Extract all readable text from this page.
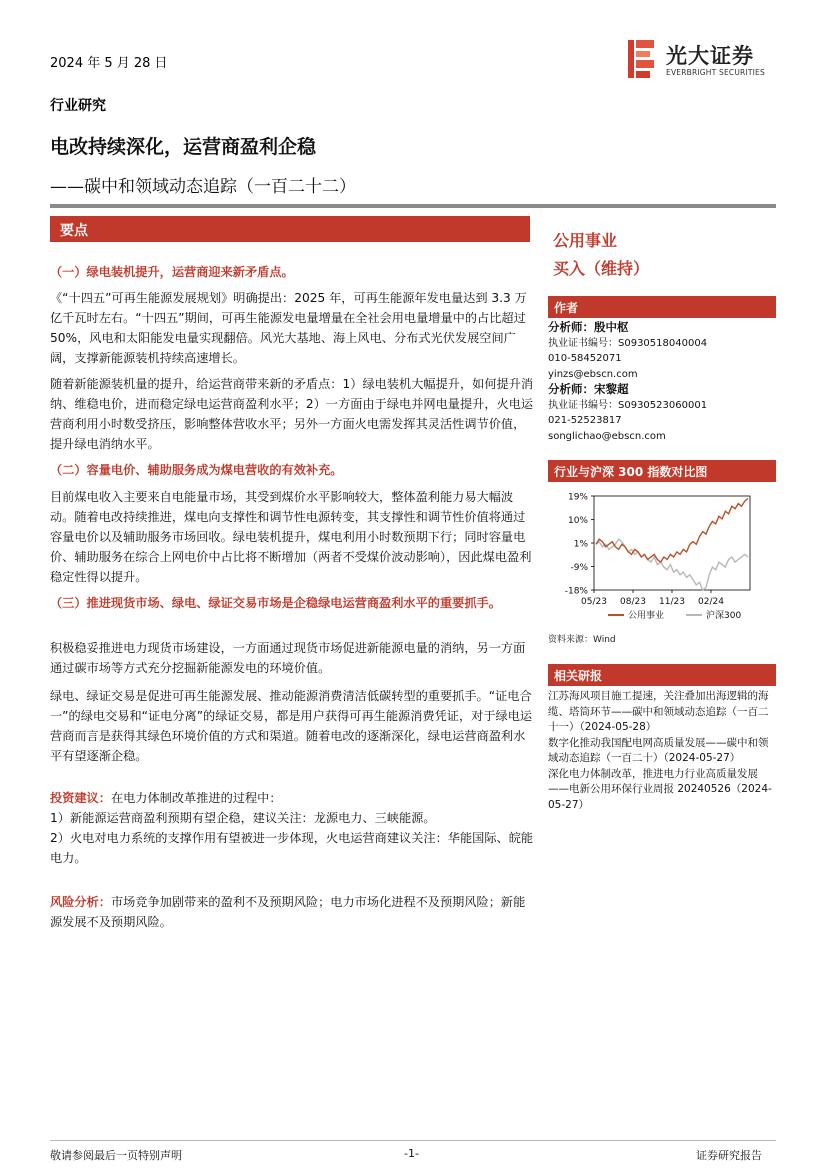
2024 年 5 月 28 日	光大证券
EVERBRIGHT SECURITIES
行业研究
电改持续深化，运营商盈利企稳
——碳中和领域动态追踪（一百二十二）
要点
（一）绿电装机提升，运营商迎来新矛盾点。
《“十四五”可再生能源发展规划》明确提出：2025 年，可再生能源年发电量达到 3.3 万亿千瓦时左右。“十四五”期间，可再生能源发电量增量在全社会用电量增量中的占比超过 50%，风电和太阳能发电量实现翻倍。风光大基地、海上风电、分布式光伏发展空间广阔，支撑新能源装机持续高速增长。
随着新能源装机量的提升，给运营商带来新的矛盾点：1）绿电装机大幅提升，如何提升消纳、维稳电价，进而稳定绿电运营商盈利水平；2）一方面由于绿电并网电量提升，火电运营商利用小时数受挤压，影响整体营收水平；另外一方面火电需发挥其灵活性调节价值，提升绿电消纳水平。
（二）容量电价、辅助服务成为煤电营收的有效补充。
目前煤电收入主要来自电能量市场，其受到煤价水平影响较大，整体盈利能力易大幅波动。随着电改持续推进，煤电向支撑性和调节性电源转变，其支撑性和调节性价值将通过容量电价以及辅助服务市场回收。绿电装机提升，煤电利用小时数预期下行；同时容量电价、辅助服务在综合上网电价中占比将不断增加（两者不受煤价波动影响），因此煤电盈利稳定性得以提升。
（三）推进现货市场、绿电、绿证交易市场是企稳绿电运营商盈利水平的重要抓手。
积极稳妥推进电力现货市场建设，一方面通过现货市场促进新能源电量的消纳，另一方面通过碳市场等方式充分挖掘新能源发电的环境价值。
绿电、绿证交易是促进可再生能源发展、推动能源消费清洁低碳转型的重要抓手。“证电合一”的绿电交易和“证电分离”的绿证交易，都是用户获得可再生能源消费凭证，对于绿电运营商而言是获得其绿色环境价值的方式和渠道。随着电改的逐渐深化，绿电运营商盈利水平有望逐渐企稳。
投资建议：在电力体制改革推进的过程中：
1）新能源运营商盈利预期有望企稳，建议关注：龙源电力、三峡能源。
2）火电对电力系统的支撑作用有望被进一步体现，火电运营商建议关注：华能国际、皖能电力。
风险分析：市场竞争加剧带来的盈利不及预期风险；电力市场化进程不及预期风险；新能源发展不及预期风险。
公用事业
买入（维持）
作者
分析师：殷中枢
执业证书编号：S0930518040004
010-58452071
yinzs@ebscn.com
分析师：宋黎超
执业证书编号：S0930523060001
021-52523817
songlichao@ebscn.com
行业与沪深 300 指数对比图
19%
10%
1%
-9%
-18%
05/23 08/23 11/23 02/24
公用事业	沪深300
资料来源：Wind
相关研报
江苏海风项目施工提速，关注叠加出海逻辑的海缆、塔筒环节——碳中和领域动态追踪（一百二十一）（2024-05-28）
数字化推动我国配电网高质量发展——碳中和领域动态追踪（一百二十）（2024-05-27）
深化电力体制改革，推进电力行业高质量发展——电新公用环保行业周报 20240526（2024-05-27）
敬请参阅最后一页特别声明	-1-	证券研究报告
